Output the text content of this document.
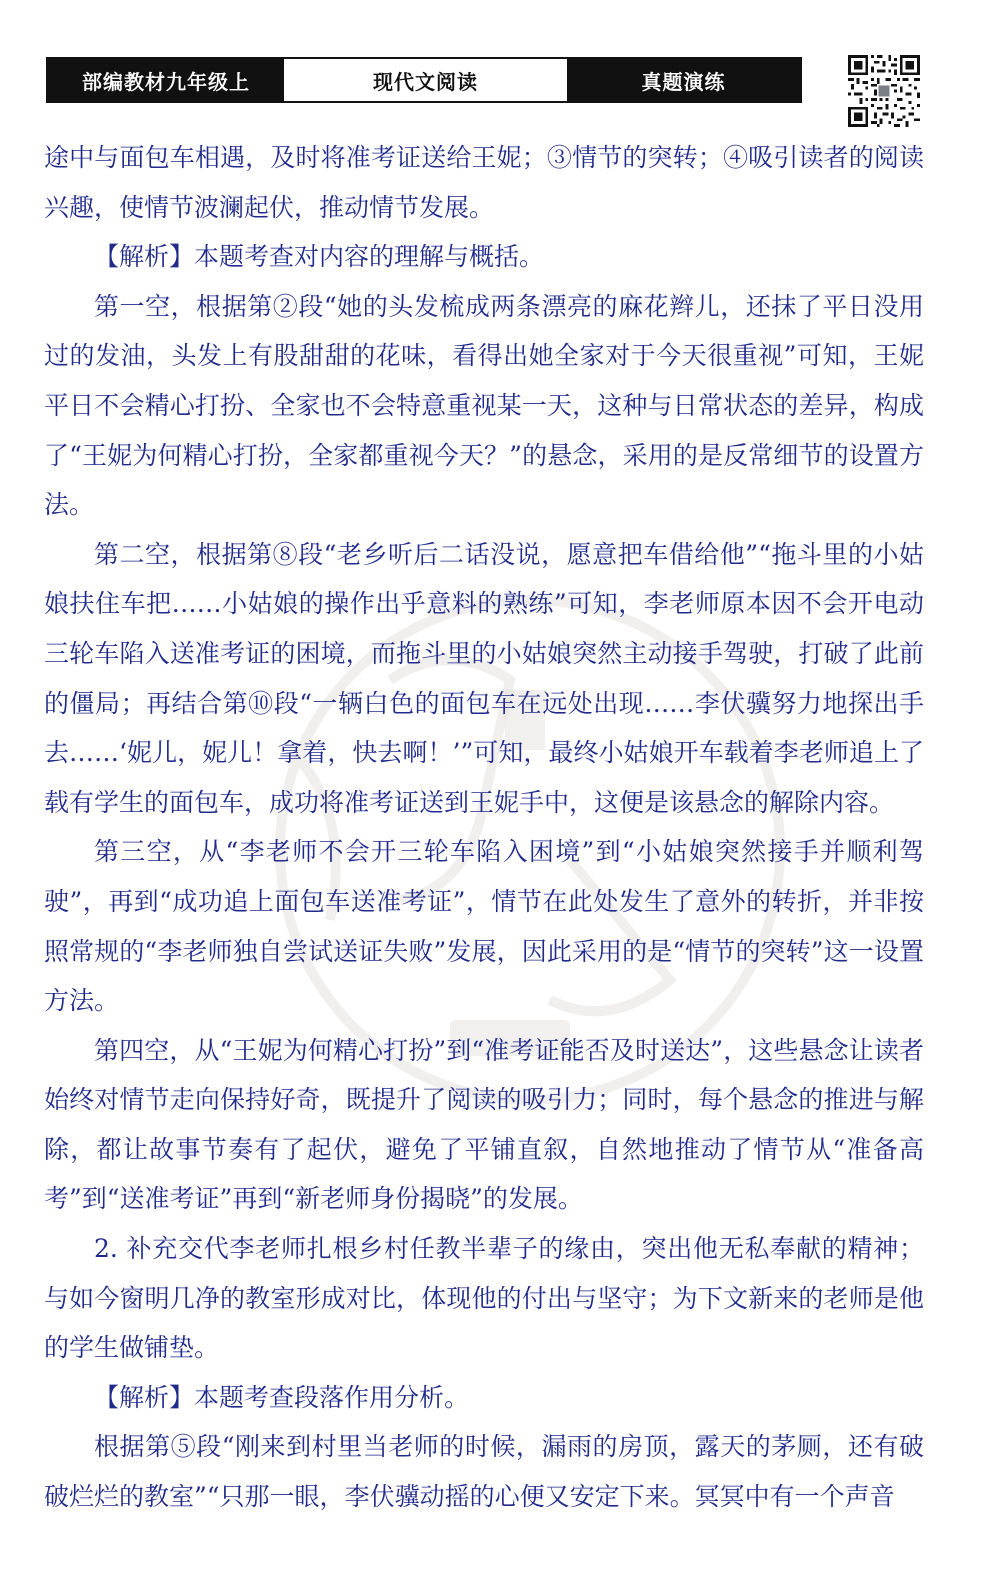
部编教材九年级上	现代文阅读	真题演练

途中与面包车相遇，及时将准考证送给王妮；③情节的突转；④吸引读者的阅读兴趣，使情节波澜起伏，推动情节发展。

【解析】本题考查对内容的理解与概括。

第一空，根据第②段“她的头发梳成两条漂亮的麻花辫儿，还抹了平日没用过的发油，头发上有股甜甜的花味，看得出她全家对于今天很重视”可知，王妮平日不会精心打扮、全家也不会特意重视某一天，这种与日常状态的差异，构成了“王妮为何精心打扮，全家都重视今天？”的悬念，采用的是反常细节的设置方法。

第二空，根据第⑧段“老乡听后二话没说，愿意把车借给他”“拖斗里的小姑娘扶住车把……小姑娘的操作出乎意料的熟练”可知，李老师原本因不会开电动三轮车陷入送准考证的困境，而拖斗里的小姑娘突然主动接手驾驶，打破了此前的僵局；再结合第⑩段“一辆白色的面包车在远处出现……李伏骥努力地探出手去……‘妮儿，妮儿！拿着，快去啊！’”可知，最终小姑娘开车载着李老师追上了载有学生的面包车，成功将准考证送到王妮手中，这便是该悬念的解除内容。

第三空，从“李老师不会开三轮车陷入困境”到“小姑娘突然接手并顺利驾驶”，再到“成功追上面包车送准考证”，情节在此处发生了意外的转折，并非按照常规的“李老师独自尝试送证失败”发展，因此采用的是“情节的突转”这一设置方法。

第四空，从“王妮为何精心打扮”到“准考证能否及时送达”，这些悬念让读者始终对情节走向保持好奇，既提升了阅读的吸引力；同时，每个悬念的推进与解除，都让故事节奏有了起伏，避免了平铺直叙，自然地推动了情节从“准备高考”到“送准考证”再到“新老师身份揭晓”的发展。

2. 补充交代李老师扎根乡村任教半辈子的缘由，突出他无私奉献的精神；与如今窗明几净的教室形成对比，体现他的付出与坚守；为下文新来的老师是他的学生做铺垫。

【解析】本题考查段落作用分析。

根据第⑤段“刚来到村里当老师的时候，漏雨的房顶，露天的茅厕，还有破破烂烂的教室”“只那一眼，李伏骥动摇的心便又安定下来。冥冥中有一个声音
